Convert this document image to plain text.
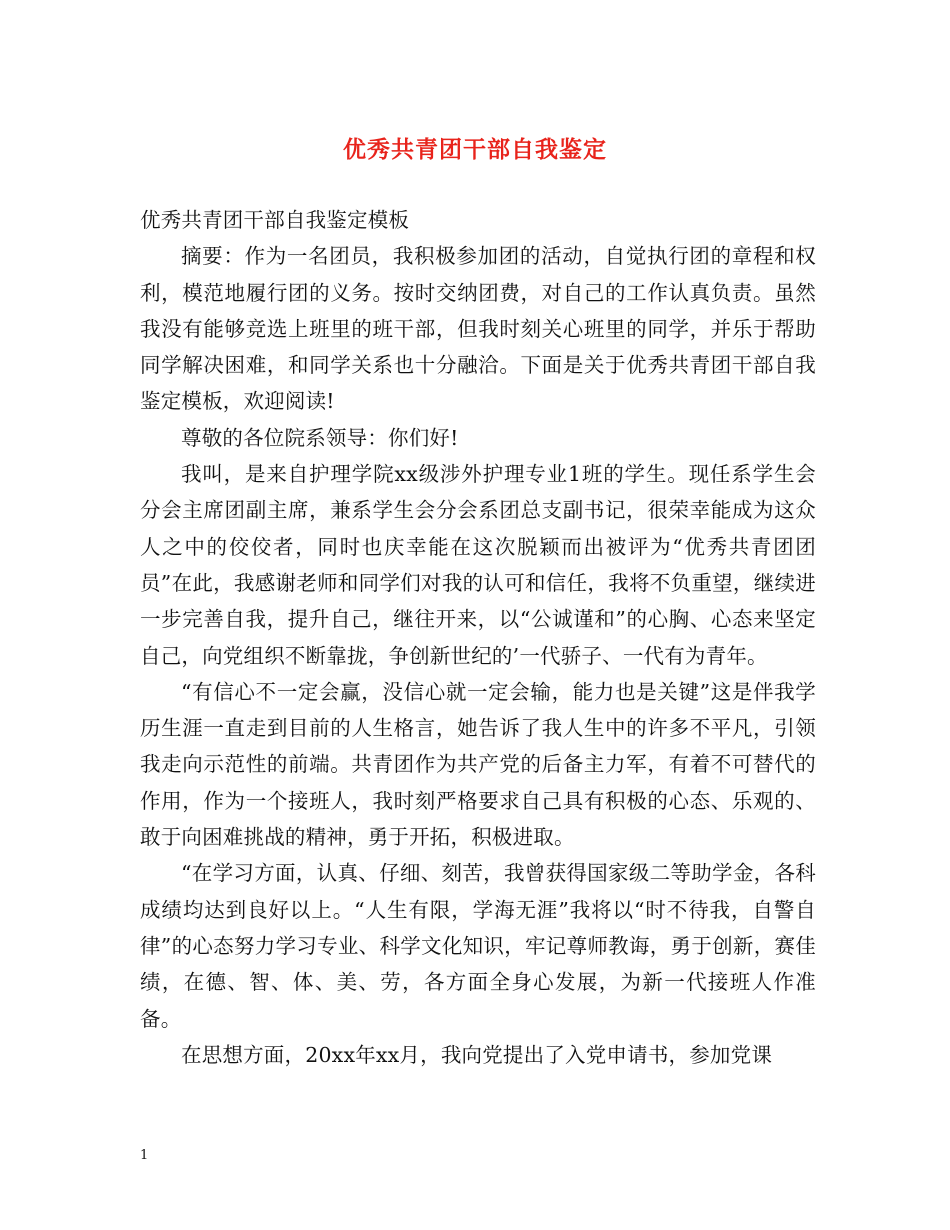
优秀共青团干部自我鉴定

优秀共青团干部自我鉴定模板

摘要：作为一名团员，我积极参加团的活动，自觉执行团的章程和权利，模范地履行团的义务。按时交纳团费，对自己的工作认真负责。虽然我没有能够竞选上班里的班干部，但我时刻关心班里的同学，并乐于帮助同学解决困难，和同学关系也十分融洽。下面是关于优秀共青团干部自我鉴定模板，欢迎阅读!

尊敬的各位院系领导：你们好!

我叫，是来自护理学院xx级涉外护理专业1班的学生。现任系学生会分会主席团副主席，兼系学生会分会系团总支副书记，很荣幸能成为这众人之中的佼佼者，同时也庆幸能在这次脱颖而出被评为“优秀共青团团员”在此，我感谢老师和同学们对我的认可和信任，我将不负重望，继续进一步完善自我，提升自己，继往开来，以“公诚谨和”的心胸、心态来坚定自己，向党组织不断靠拢，争创新世纪的’一代骄子、一代有为青年。

“有信心不一定会赢，没信心就一定会输，能力也是关键”这是伴我学历生涯一直走到目前的人生格言，她告诉了我人生中的许多不平凡，引领我走向示范性的前端。共青团作为共产党的后备主力军，有着不可替代的作用，作为一个接班人，我时刻严格要求自己具有积极的心态、乐观的、敢于向困难挑战的精神，勇于开拓，积极进取。

“在学习方面，认真、仔细、刻苦，我曾获得国家级二等助学金，各科成绩均达到良好以上。“人生有限，学海无涯”我将以“时不待我，自警自律”的心态努力学习专业、科学文化知识，牢记尊师教诲，勇于创新，赛佳绩，在德、智、体、美、劳，各方面全身心发展，为新一代接班人作准备。

在思想方面，20xx年xx月，我向党提出了入党申请书，参加党课

1
